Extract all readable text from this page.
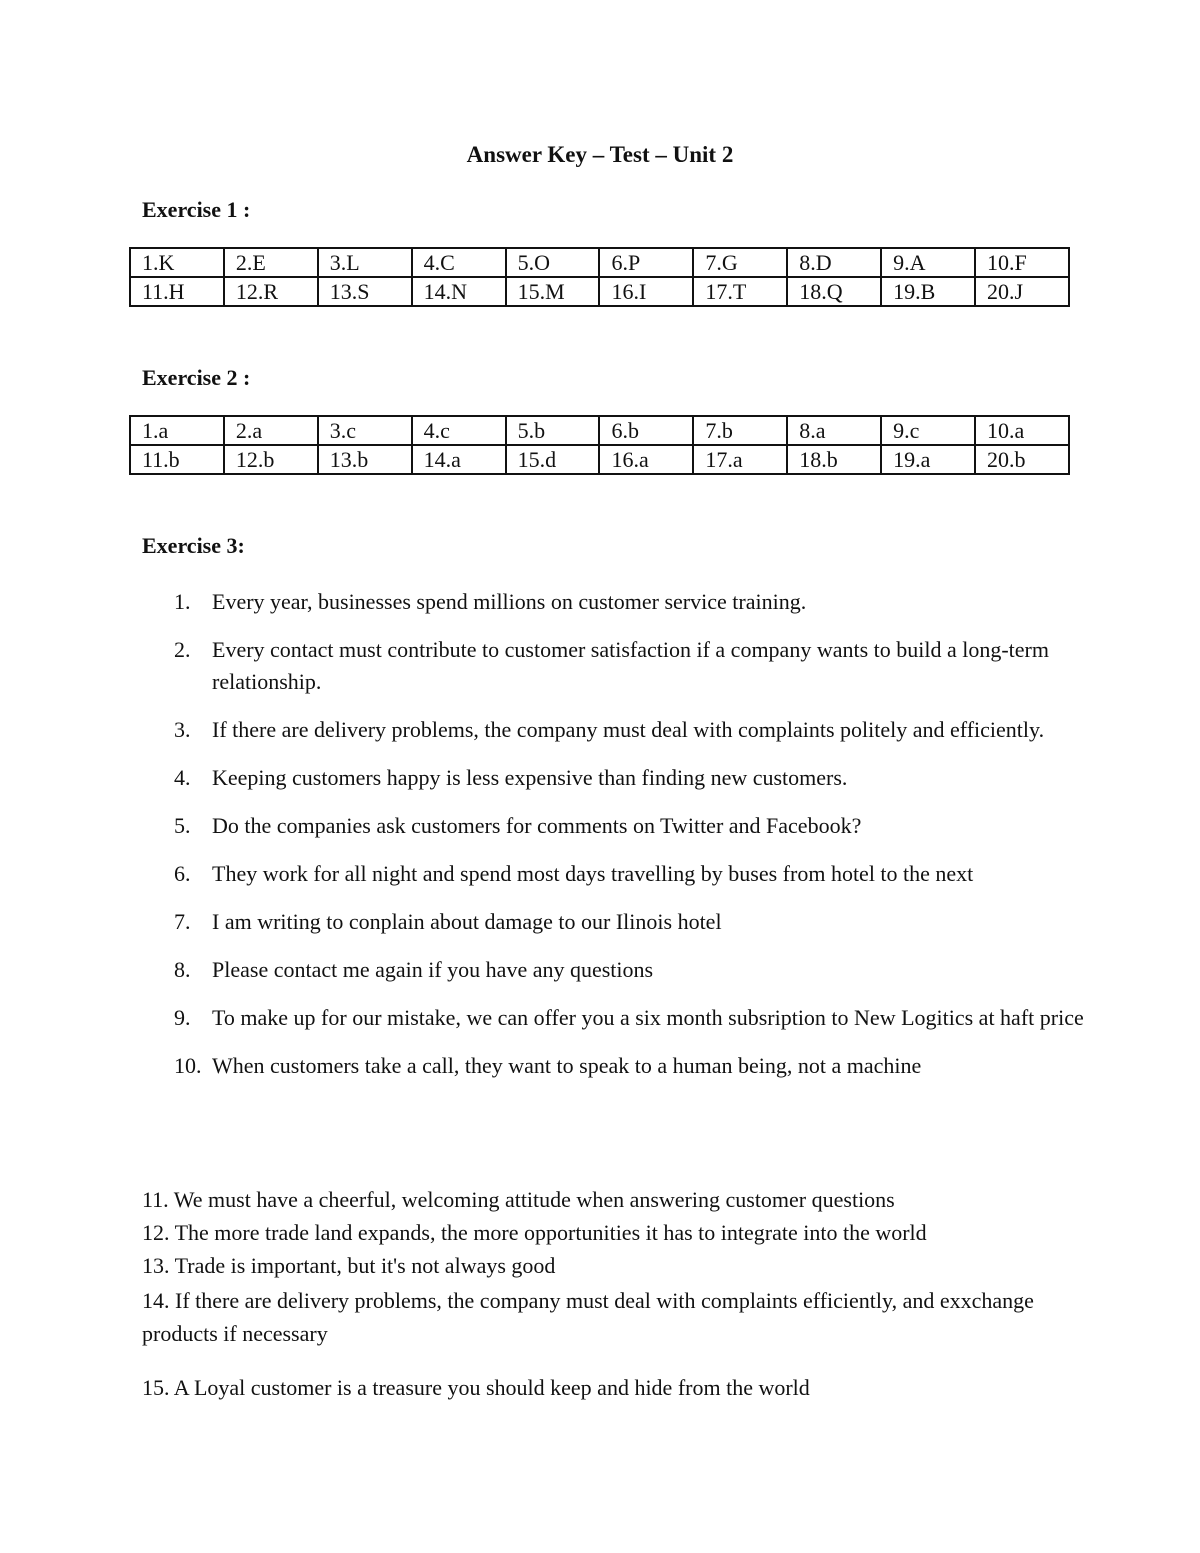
Answer Key – Test – Unit 2
Exercise 1 :
1.K	2.E	3.L	4.C	5.O	6.P	7.G	8.D	9.A	10.F
11.H	12.R	13.S	14.N	15.M	16.I	17.T	18.Q	19.B	20.J
Exercise 2 :
1.a	2.a	3.c	4.c	5.b	6.b	7.b	8.a	9.c	10.a
11.b	12.b	13.b	14.a	15.d	16.a	17.a	18.b	19.a	20.b
Exercise 3:
1. Every year, businesses spend millions on customer service training.
2. Every contact must contribute to customer satisfaction if a company wants to build a long-term relationship.
3. If there are delivery problems, the company must deal with complaints politely and efficiently.
4. Keeping customers happy is less expensive than finding new customers.
5. Do the companies ask customers for comments on Twitter and Facebook?
6. They work for all night and spend most days travelling by buses from hotel to the next
7. I am writing to conplain about damage to our Ilinois hotel
8. Please contact me again if you have any questions
9. To make up for our mistake, we can offer you a six month subsription to New Logitics at haft price
10. When customers take a call, they want to speak to a human being, not a machine

11. We must have a cheerful, welcoming attitude when answering customer questions

12. The more trade land expands, the more opportunities it has to integrate into the world

13. Trade is important, but it's not always good

14. If there are delivery problems, the company must deal with complaints efficiently, and exxchange products if necessary

15. A Loyal customer is a treasure you should keep and hide from the world
